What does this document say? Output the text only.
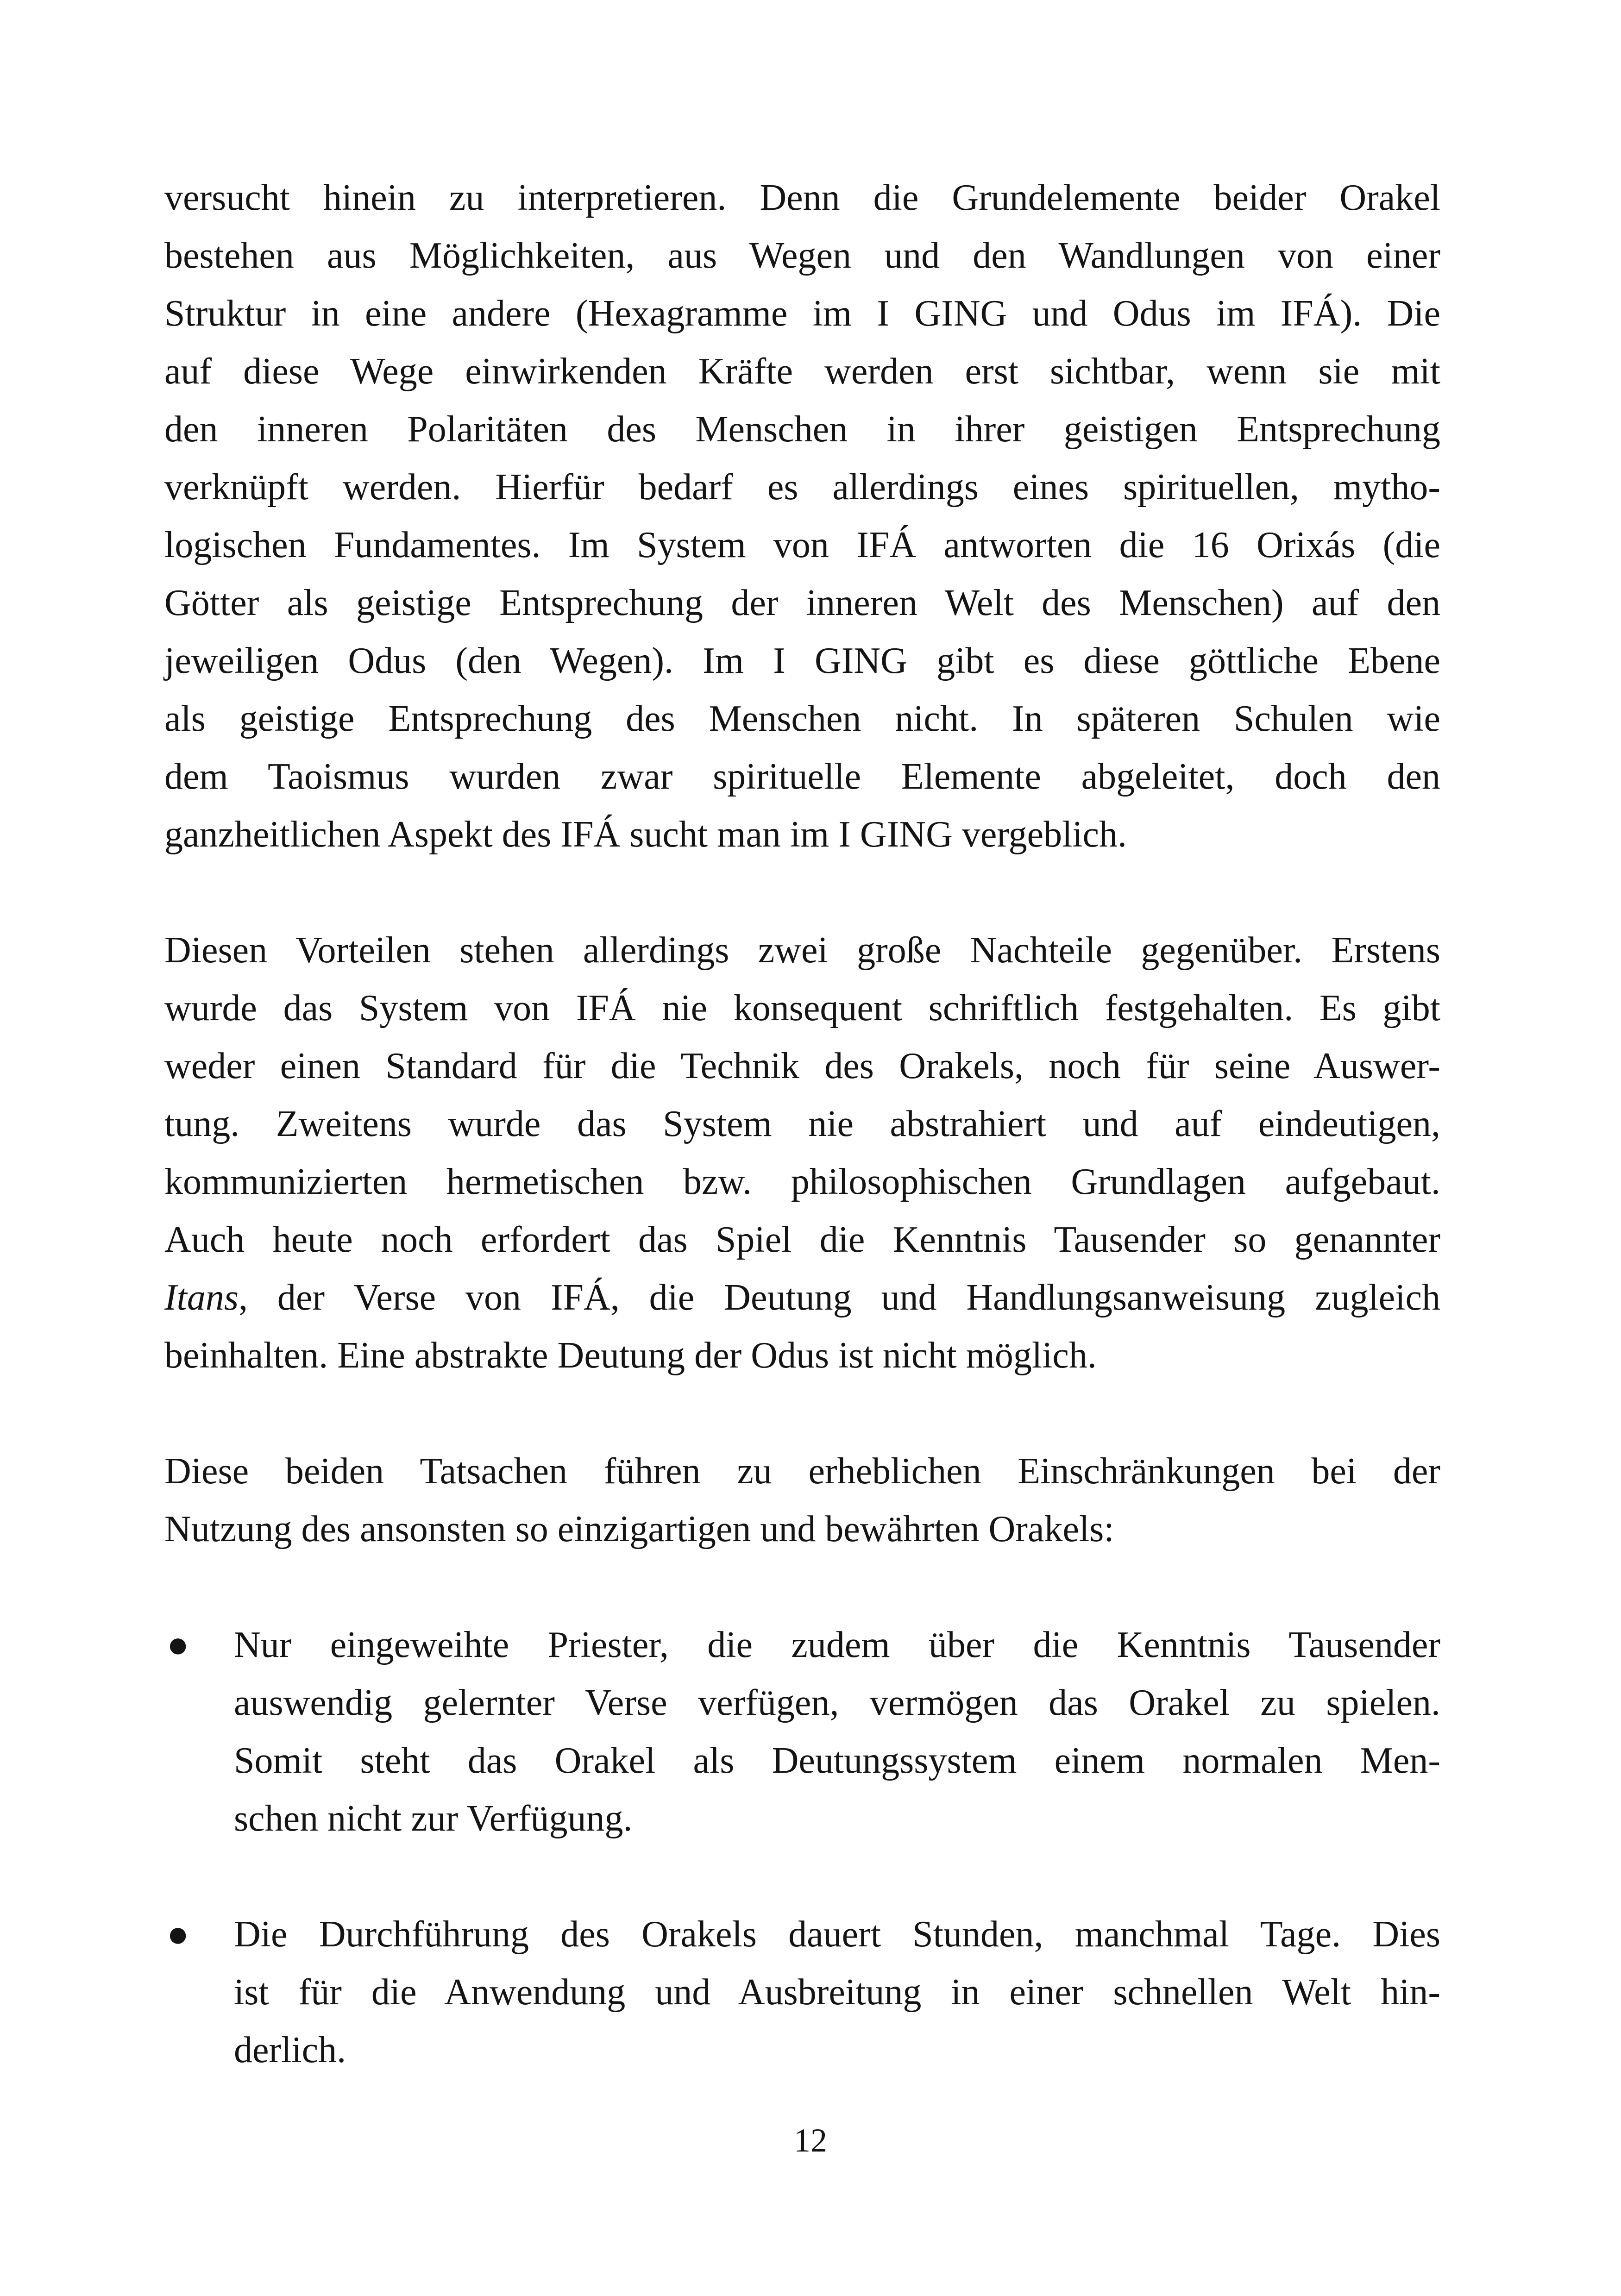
versucht hinein zu interpretieren. Denn die Grundelemente beider Orakel
bestehen aus Möglichkeiten, aus Wegen und den Wandlungen von einer
Struktur in eine andere (Hexagramme im I GING und Odus im IFÁ). Die
auf diese Wege einwirkenden Kräfte werden erst sichtbar, wenn sie mit
den inneren Polaritäten des Menschen in ihrer geistigen Entsprechung
verknüpft werden. Hierfür bedarf es allerdings eines spirituellen, mytho-
logischen Fundamentes. Im System von IFÁ antworten die 16 Orixás (die
Götter als geistige Entsprechung der inneren Welt des Menschen) auf den
jeweiligen Odus (den Wegen). Im I GING gibt es diese göttliche Ebene
als geistige Entsprechung des Menschen nicht. In späteren Schulen wie
dem Taoismus wurden zwar spirituelle Elemente abgeleitet, doch den
ganzheitlichen Aspekt des IFÁ sucht man im I GING vergeblich.

Diesen Vorteilen stehen allerdings zwei große Nachteile gegenüber. Erstens
wurde das System von IFÁ nie konsequent schriftlich festgehalten. Es gibt
weder einen Standard für die Technik des Orakels, noch für seine Auswer-
tung. Zweitens wurde das System nie abstrahiert und auf eindeutigen,
kommunizierten hermetischen bzw. philosophischen Grundlagen aufgebaut.
Auch heute noch erfordert das Spiel die Kenntnis Tausender so genannter
Itans, der Verse von IFÁ, die Deutung und Handlungsanweisung zugleich
beinhalten. Eine abstrakte Deutung der Odus ist nicht möglich.

Diese beiden Tatsachen führen zu erheblichen Einschränkungen bei der
Nutzung des ansonsten so einzigartigen und bewährten Orakels:

● Nur eingeweihte Priester, die zudem über die Kenntnis Tausender
auswendig gelernter Verse verfügen, vermögen das Orakel zu spielen.
Somit steht das Orakel als Deutungssystem einem normalen Men-
schen nicht zur Verfügung.
● Die Durchführung des Orakels dauert Stunden, manchmal Tage. Dies
ist für die Anwendung und Ausbreitung in einer schnellen Welt hin-
derlich.
12
